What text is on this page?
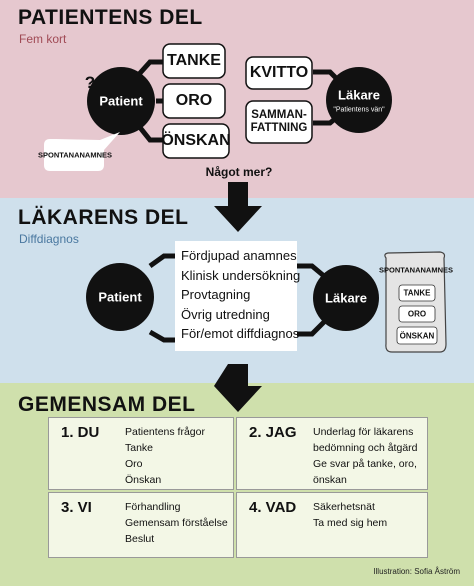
PATIENTENS DEL
Fem kort
LÄKARENS DEL
Diffdiagnos
GEMENSAM DEL
?
Patient	Läkare
"Patientens vän"
TANKE
ORO
ÖNSKAN
KVITTO
SAMMAN-
FATTNING
SPONTANANAMNES
Något mer?
Patient	Läkare
Fördjupad anamnes
Klinisk undersökning
Provtagning
Övrig utredning
För/emot diffdiagnos
SPONTANANAMNES
TANKE
ORO
ÖNSKAN
1. DU Patientens frågor
Tanke
Oro
Önskan
2. JAG Underlag för läkarens
bedömning och åtgärd
Ge svar på tanke, oro,
önskan
3. VI	Förhandling
Gemensam förståelse
Beslut
4. VAD Säkerhetsnät
Ta med sig hem
Illustration: Sofia Åström
